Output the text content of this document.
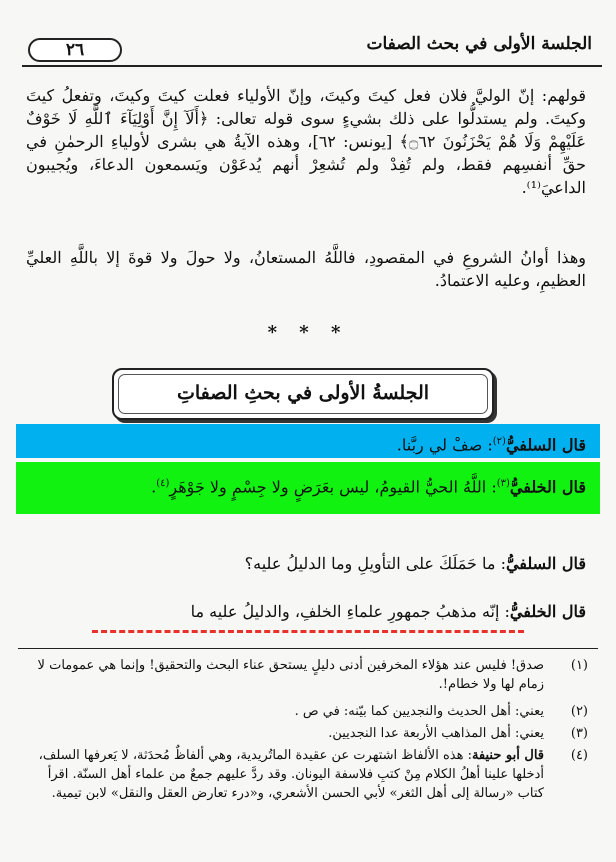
الجلسة الأولى في بحث الصفات
٢٦

قولهم: إنّ الوليَّ فلان فعل كيتَ وكيتَ، وإنّ الأولياء فعلت كيتَ وكيتَ، وتفعلُ كيتَ وكيتَ. ولم يستدلُّوا على ذلك بشيءٍ سوى قوله تعالى: ﴿أَلَآ إِنَّ أَوْلِيَآءَ ٱللَّهِ لَا خَوْفٌ عَلَيْهِمْ وَلَا هُمْ يَحْزَنُونَ ۝٦٢﴾ [يونس: ٦٢]، وهذه الآيةُ هي بشرى لأولياءِ الرحمٰنِ في حقِّ أنفسِهم فقط، ولم تُفِدْ ولم تُشعِرْ أنهم يُدعَوْن ويَسمعون الدعاءَ، ويُجيبون الداعيَ⁽¹⁾.

وهذا أوانُ الشروعِ في المقصودِ، فاللَّهُ المستعانُ، ولا حولَ ولا قوةَ إلا باللَّهِ العليِّ العظيمِ، وعليه الاعتمادُ.

* * *
الجلسةُ الأولى في بحثِ الصفاتِ
قال السلفيُّ$^{(٢)}$: صفْ لي ربَّنا.
قال الخلفيُّ$^{(٣)}$: اللَّهُ الحيُّ القيومُ، ليس بعَرَضٍ ولا جِسْمٍ ولا جَوْهَرٍ$^{(٤)}$.
قال السلفيُّ: ما حَمَلَكَ على التأويلِ وما الدليلُ عليه؟
قال الخلفيُّ: إنّه مذهبُ جمهورِ علماءِ الخلفِ، والدليلُ عليه ما
(١)
صدق! فليس عند هؤلاء المخرفين أدنى دليلٍ يستحق عناء البحث والتحقيق! وإنما هي عمومات لا زمام لها ولا خطام!.
(٢)
يعني: أهل الحديث والنجديين كما بيّنه: في ص .
(٣)
يعني: أهل المذاهب الأربعة عدا النجديين.
(٤)
قال أبو حنيفة: هذه الألفاظ اشتهرت عن عقيدة الماتُريدية، وهي ألفاظٌ مُحدَثة، لا يَعرفها السلف، أدخلها علينا أهلُ الكلام مِنْ كتبِ فلاسفة اليونان. وقد ردَّ عليهم جمعٌ من علماء أهل السنّة. اقرأ كتاب «رسالة إلى أهل الثغر» لأبي الحسن الأشعري، و«درء تعارض العقل والنقل» لابن تيمية.
